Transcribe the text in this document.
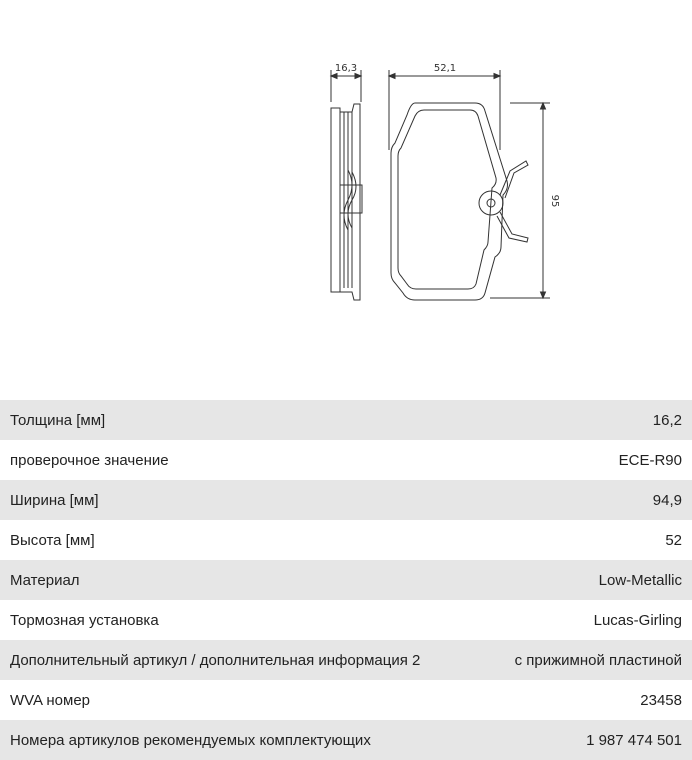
16,3	52,1
95
Толщина [мм]	16,2
проверочное значение	ECE-R90
Ширина [мм]	94,9
Высота [мм]	52
Материал	Low-Metallic
Тормозная установка	Lucas-Girling
Дополнительный артикул / дополнительная информация 2	с прижимной пластиной
WVA номер	23458
Номера артикулов рекомендуемых комплектующих	1 987 474 501
